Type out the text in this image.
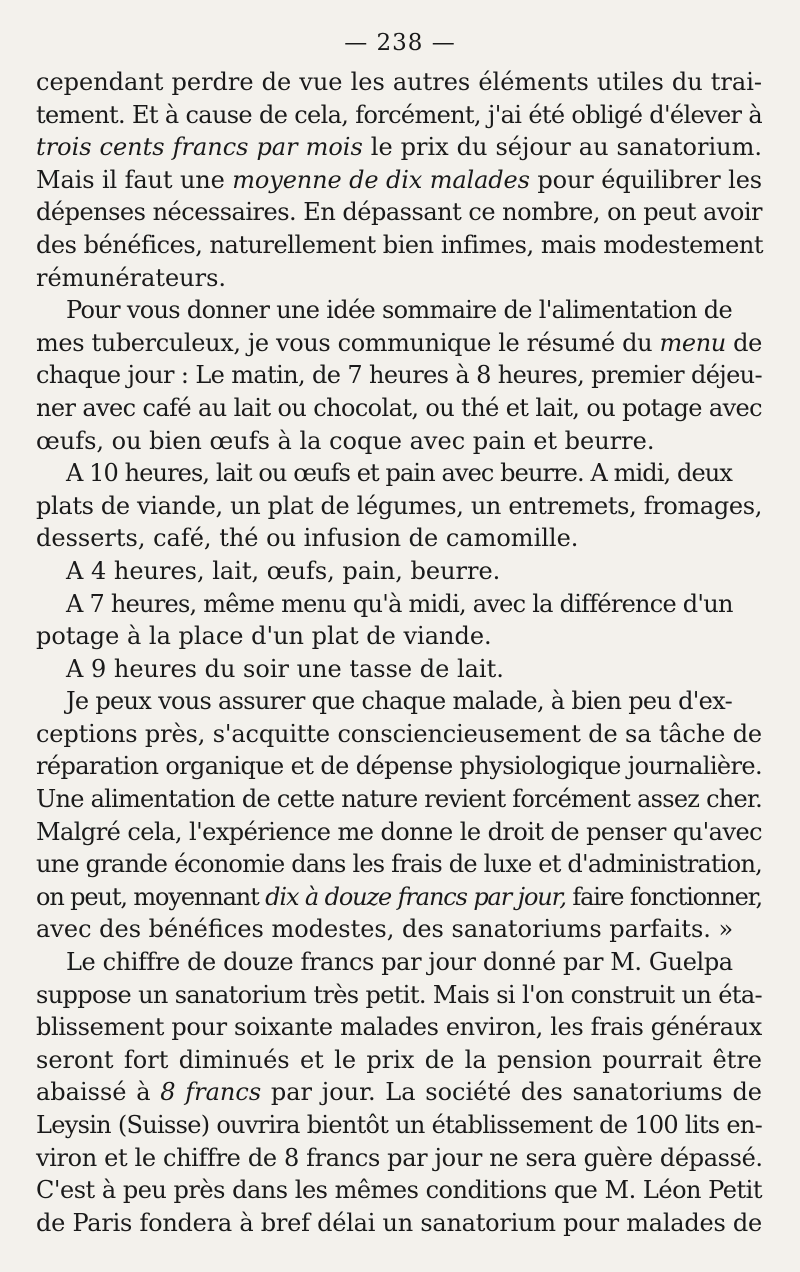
— 238 —

cependant perdre de vue les autres éléments utiles du trai-
tement. Et à cause de cela, forcément, j'ai été obligé d'élever à
trois cents francs par mois le prix du séjour au sanatorium.
Mais il faut une moyenne de dix malades pour équilibrer les
dépenses nécessaires. En dépassant ce nombre, on peut avoir
des bénéfices, naturellement bien infimes, mais modestement
rémunérateurs.

Pour vous donner une idée sommaire de l'alimentation de
mes tuberculeux, je vous communique le résumé du menu de
chaque jour : Le matin, de 7 heures à 8 heures, premier déjeu-
ner avec café au lait ou chocolat, ou thé et lait, ou potage avec
œufs, ou bien œufs à la coque avec pain et beurre.

A 10 heures, lait ou œufs et pain avec beurre. A midi, deux
plats de viande, un plat de légumes, un entremets, fromages,
desserts, café, thé ou infusion de camomille.

A 4 heures, lait, œufs, pain, beurre.

A 7 heures, même menu qu'à midi, avec la différence d'un
potage à la place d'un plat de viande.

A 9 heures du soir une tasse de lait.

Je peux vous assurer que chaque malade, à bien peu d'ex-
ceptions près, s'acquitte consciencieusement de sa tâche de
réparation organique et de dépense physiologique journalière.
Une alimentation de cette nature revient forcément assez cher.
Malgré cela, l'expérience me donne le droit de penser qu'avec
une grande économie dans les frais de luxe et d'administration,
on peut, moyennant dix à douze francs par jour, faire fonctionner,
avec des bénéfices modestes, des sanatoriums parfaits. »

Le chiffre de douze francs par jour donné par M. Guelpa
suppose un sanatorium très petit. Mais si l'on construit un éta-
blissement pour soixante malades environ, les frais généraux
seront fort diminués et le prix de la pension pourrait être
abaissé à 8 francs par jour. La société des sanatoriums de
Leysin (Suisse) ouvrira bientôt un établissement de 100 lits en-
viron et le chiffre de 8 francs par jour ne sera guère dépassé.
C'est à peu près dans les mêmes conditions que M. Léon Petit
de Paris fondera à bref délai un sanatorium pour malades de
